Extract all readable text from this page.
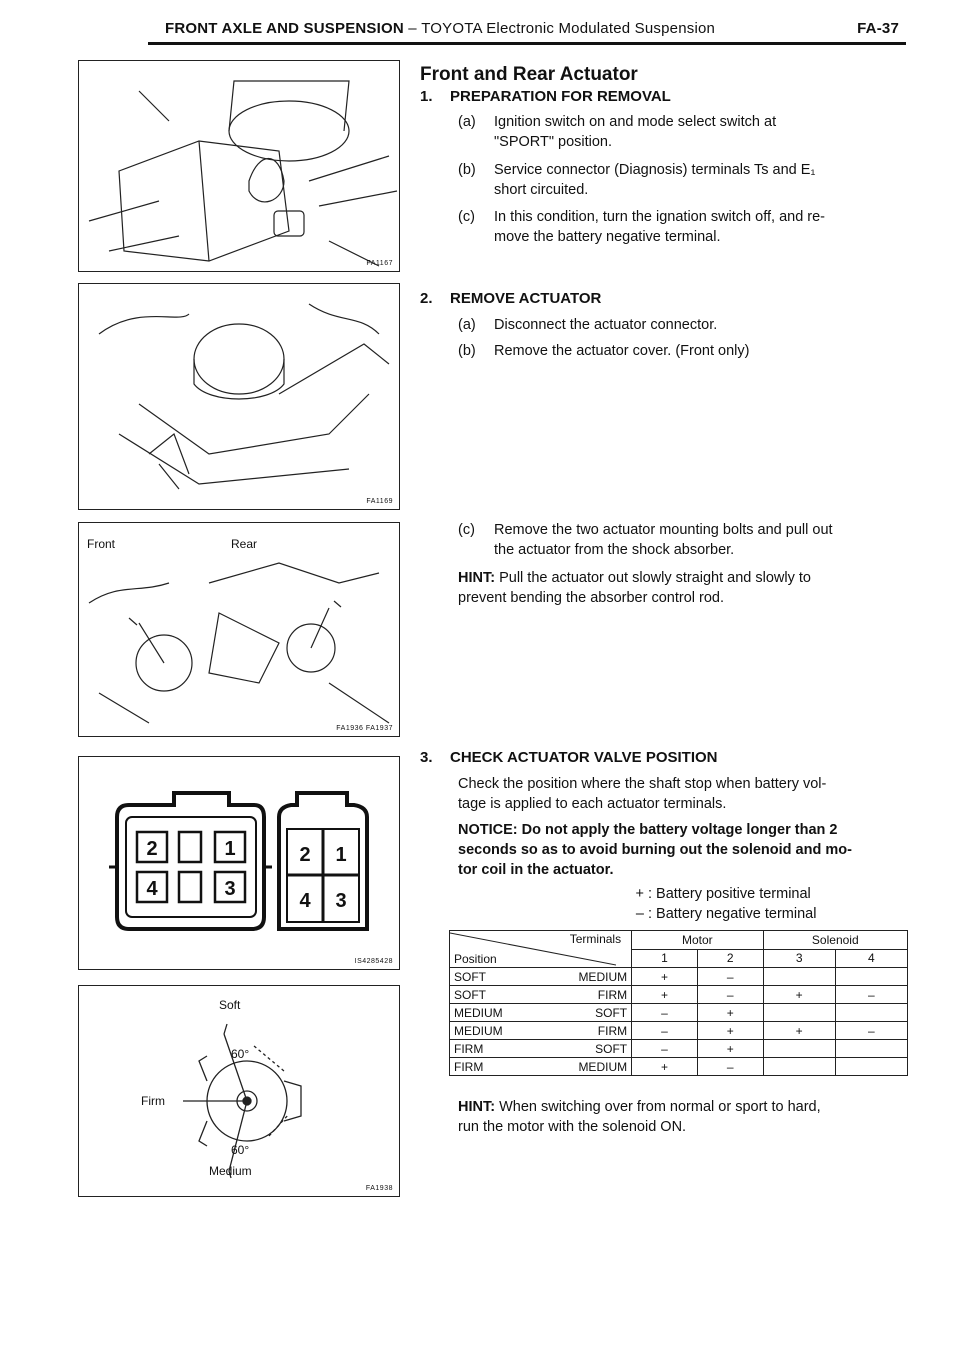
FRONT AXLE AND SUSPENSION – TOYOTA Electronic Modulated Suspension	FA-37
FA1167
FA1169
Front	Rear
FA1936 FA1937
2	1
4	3
2 1
4 3
IS4285428
Soft
Firm
Medium
60°
60°
FA1938
Front and Rear Actuator
1. PREPARATION FOR REMOVAL
(a) Ignition switch on and mode select switch at
"SPORT" position.
(b) Service connector (Diagnosis) terminals Ts and E₁
short circuited.
(c) In this condition, turn the ignation switch off, and re-
move the battery negative terminal.
2. REMOVE ACTUATOR
(a) Disconnect the actuator connector.
(b) Remove the actuator cover. (Front only)
(c) Remove the two actuator mounting bolts and pull out
the actuator from the shock absorber.
HINT: Pull the actuator out slowly straight and slowly to
prevent bending the absorber control rod.
3. CHECK ACTUATOR VALVE POSITION
Check the position where the shaft stop when battery vol-
tage is applied to each actuator terminals.
NOTICE: Do not apply the battery voltage longer than 2
seconds so as to avoid burning out the solenoid and mo-
tor coil in the actuator.
+ : Battery positive terminal
– : Battery negative terminal
Terminals
Position	Motor		Solenoid	
	1	2	3	4
SOFT MEDIUM	+	–		
SOFT FIRM	+	–	+	–
MEDIUM SOFT	–	+		
MEDIUM FIRM	–	+	+	–
FIRM SOFT	–	+		
FIRM MEDIUM	+	–		
HINT: When switching over from normal or sport to hard,
run the motor with the solenoid ON.
